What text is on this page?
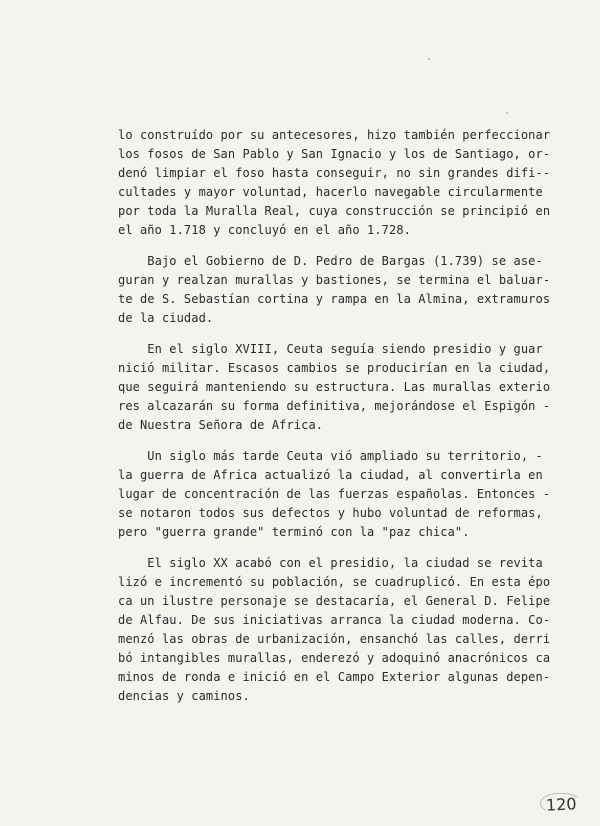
lo construído por su antecesores, hizo también perfeccionar
los fosos de San Pablo y San Ignacio y los de Santiago, or-
denó limpiar el foso hasta conseguir, no sin grandes difi--
cultades y mayor voluntad, hacerlo navegable circularmente
por toda la Muralla Real, cuya construcción se principió en
el año 1.718 y concluyó en el año 1.728.
Bajo el Gobierno de D. Pedro de Bargas (1.739) se ase-
guran y realzan murallas y bastiones, se termina el baluar-
te de S. Sebastían cortina y rampa en la Almina, extramuros
de la ciudad.
En el siglo XVIII, Ceuta seguía siendo presidio y guar
nició militar. Escasos cambios se producirían en la ciudad,
que seguirá manteniendo su estructura. Las murallas exterio
res alcazarán su forma definitiva, mejorándose el Espigón -
de Nuestra Señora de Africa.
Un siglo más tarde Ceuta vió ampliado su territorio, -
la guerra de Africa actualizó la ciudad, al convertirla en
lugar de concentración de las fuerzas españolas. Entonces -
se notaron todos sus defectos y hubo voluntad de reformas,
pero "guerra grande" terminó con la "paz chica".
El siglo XX acabó con el presidio, la ciudad se revita
lizó e incrementó su población, se cuadruplicó. En esta épo
ca un ilustre personaje se destacaría, el General D. Felipe
de Alfau. De sus iniciativas arranca la ciudad moderna. Co-
menzó las obras de urbanización, ensanchó las calles, derri
bó intangibles murallas, enderezó y adoquinó anacrónicos ca
minos de ronda e inició en el Campo Exterior algunas depen-
dencias y caminos.
120
